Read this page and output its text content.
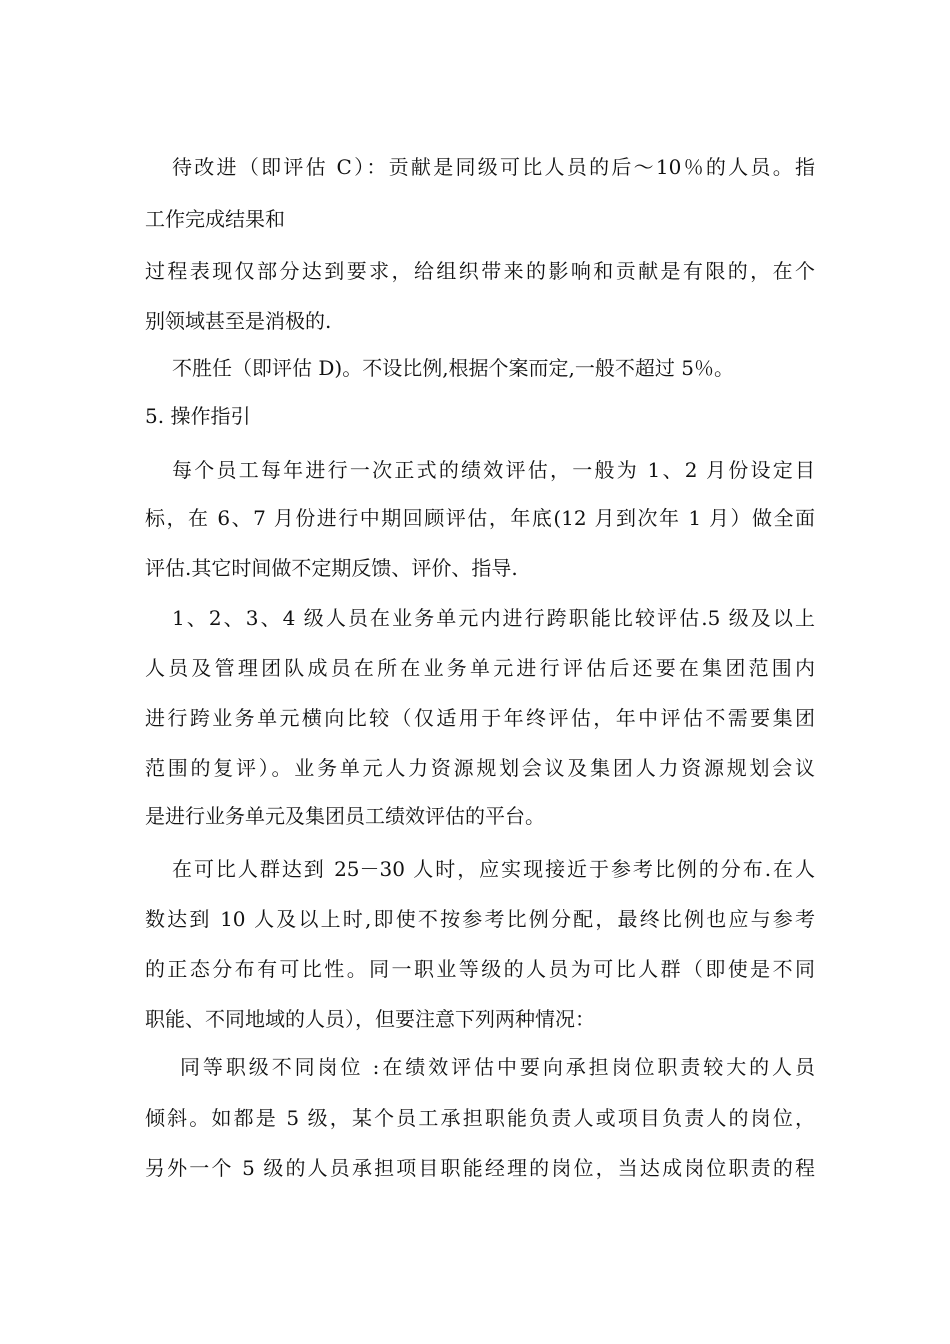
待改进（即评估 C）：贡献是同级可比人员的后～10％的人员。指
工作完成结果和
过程表现仅部分达到要求，给组织带来的影响和贡献是有限的，在个
别领域甚至是消极的.
不胜任（即评估 D)。不设比例,根据个案而定,一般不超过 5％。
5. 操作指引
每个员工每年进行一次正式的绩效评估，一般为 1、2 月份设定目
标，在 6、7 月份进行中期回顾评估，年底(12 月到次年 1 月）做全面
评估.其它时间做不定期反馈、评价、指导.
1、2、3、4 级人员在业务单元内进行跨职能比较评估.5 级及以上
人员及管理团队成员在所在业务单元进行评估后还要在集团范围内
进行跨业务单元横向比较（仅适用于年终评估，年中评估不需要集团
范围的复评）。业务单元人力资源规划会议及集团人力资源规划会议
是进行业务单元及集团员工绩效评估的平台。
在可比人群达到 25－30 人时，应实现接近于参考比例的分布.在人
数达到 10 人及以上时,即使不按参考比例分配，最终比例也应与参考
的正态分布有可比性。同一职业等级的人员为可比人群（即使是不同
职能、不同地域的人员），但要注意下列两种情况：
同等职级不同岗位 :在绩效评估中要向承担岗位职责较大的人员
倾斜。如都是 5 级，某个员工承担职能负责人或项目负责人的岗位，
另外一个 5 级的人员承担项目职能经理的岗位，当达成岗位职责的程
